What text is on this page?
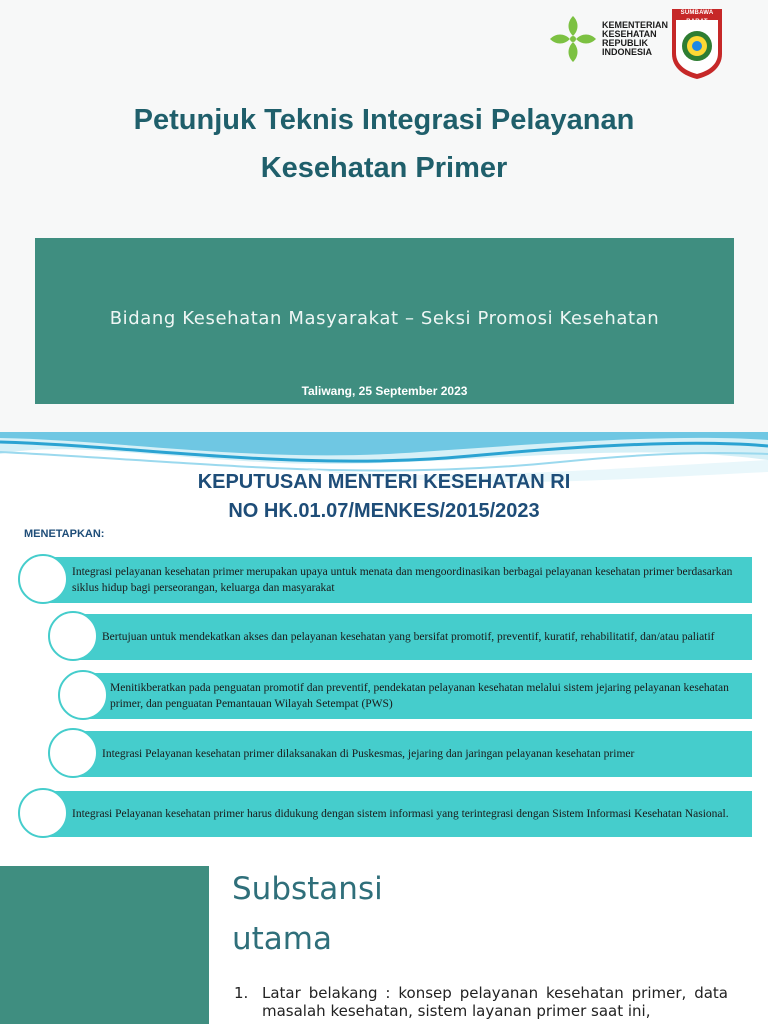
KEMENTERIAN
KESEHATAN
REPUBLIK
INDONESIA
SUMBAWA BARAT
Petunjuk Teknis Integrasi Pelayanan
Kesehatan Primer
Bidang Kesehatan Masyarakat – Seksi Promosi Kesehatan
Taliwang, 25 September 2023
KEPUTUSAN MENTERI KESEHATAN RI
NO HK.01.07/MENKES/2015/2023
MENETAPKAN:
Integrasi pelayanan kesehatan primer merupakan upaya untuk menata dan mengoordinasikan berbagai pelayanan kesehatan primer berdasarkan siklus hidup bagi perseorangan, keluarga dan masyarakat
Bertujuan untuk mendekatkan akses dan pelayanan kesehatan yang bersifat promotif, preventif, kuratif, rehabilitatif, dan/atau paliatif
Menitikberatkan pada penguatan promotif dan preventif, pendekatan pelayanan kesehatan melalui sistem jejaring pelayanan kesehatan primer, dan penguatan Pemantauan Wilayah Setempat (PWS)
Integrasi Pelayanan kesehatan primer dilaksanakan di Puskesmas, jejaring dan jaringan pelayanan kesehatan primer
Integrasi Pelayanan kesehatan primer harus didukung dengan sistem informasi yang terintegrasi dengan Sistem Informasi Kesehatan Nasional.
Substansi
utama
1. Latar belakang : konsep pelayanan kesehatan primer, data masalah kesehatan, sistem layanan primer saat ini,
